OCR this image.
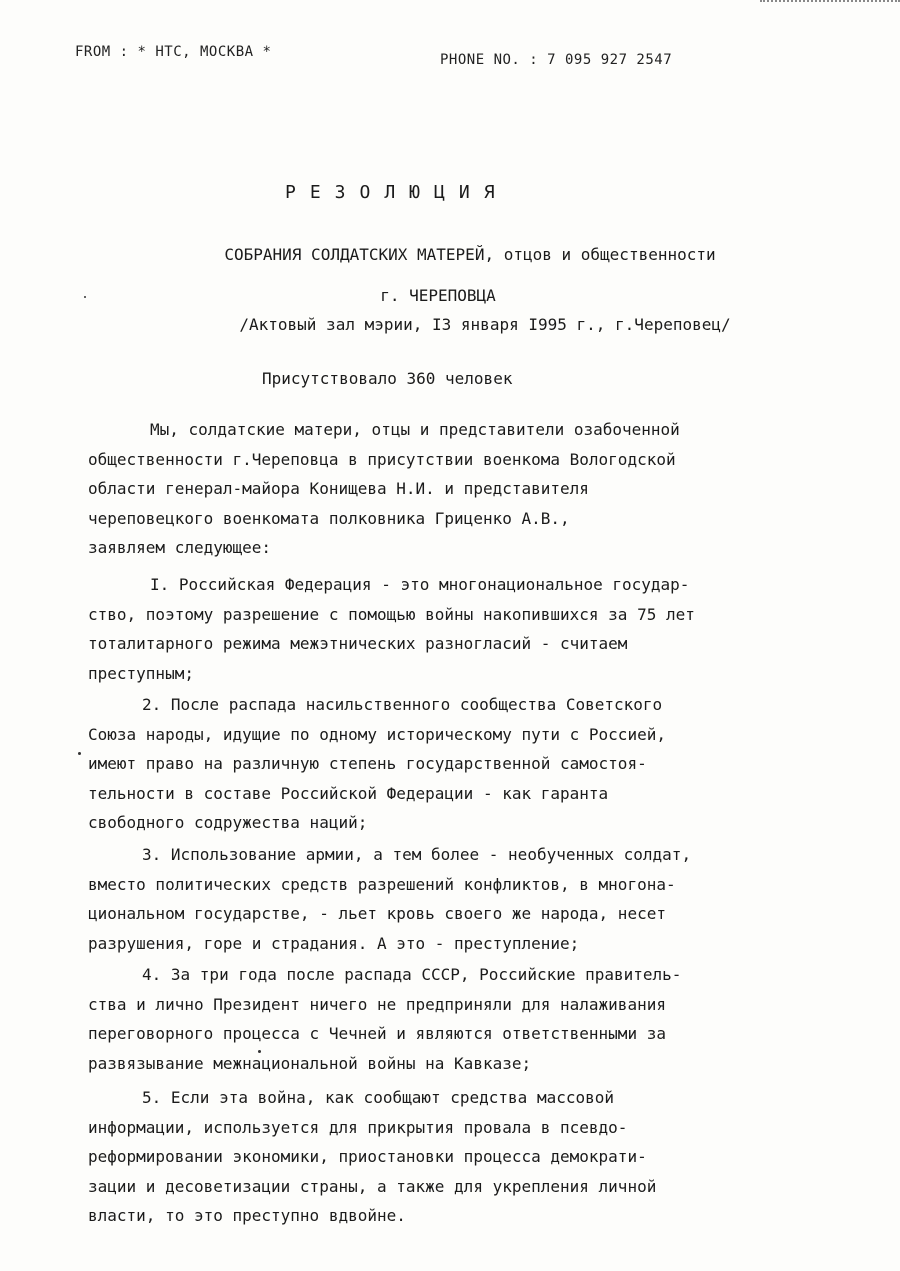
FROM : * НТС, МОСКВА *	PHONE NO. : 7 095 927 2547
РЕЗОЛЮЦИЯ
СОБРАНИЯ СОЛДАТСКИХ МАТЕРЕЙ, отцов и общественности
г. ЧЕРЕПОВЦА
/Актовый зал мэрии, I3 января I995 г., г.Череповец/
Присутствовало 360 человек
Мы, солдатские матери, отцы и представители озабоченной
общественности г.Череповца в присутствии военкома Вологодской
области генерал-майора Конищева Н.И. и представителя
череповецкого военкомата полковника Гриценко А.В.,
заявляем следующее:
I. Российская Федерация - это многонациональное государ-
ство, поэтому разрешение с помощью войны накопившихся за 75 лет
тоталитарного режима межэтнических разногласий - считаем
преступным;
2. После распада насильственного сообщества Советского
Союза народы, идущие по одному историческому пути с Россией,
имеют право на различную степень государственной самостоя-
тельности в составе Российской Федерации - как гаранта
свободного содружества наций;
3. Использование армии, а тем более - необученных солдат,
вместо политических средств разрешений конфликтов, в многона-
циональном государстве, - льет кровь своего же народа, несет
разрушения, горе и страдания. А это - преступление;
4. За три года после распада СССР, Российские правитель-
ства и лично Президент ничего не предприняли для налаживания
переговорного процесса с Чечней и являются ответственными за
развязывание межнациональной войны на Кавказе;
5. Если эта война, как сообщают средства массовой
информации, используется для прикрытия провала в псевдо-
реформировании экономики, приостановки процесса демократи-
зации и десоветизации страны, а также для укрепления личной
власти, то это преступно вдвойне.
